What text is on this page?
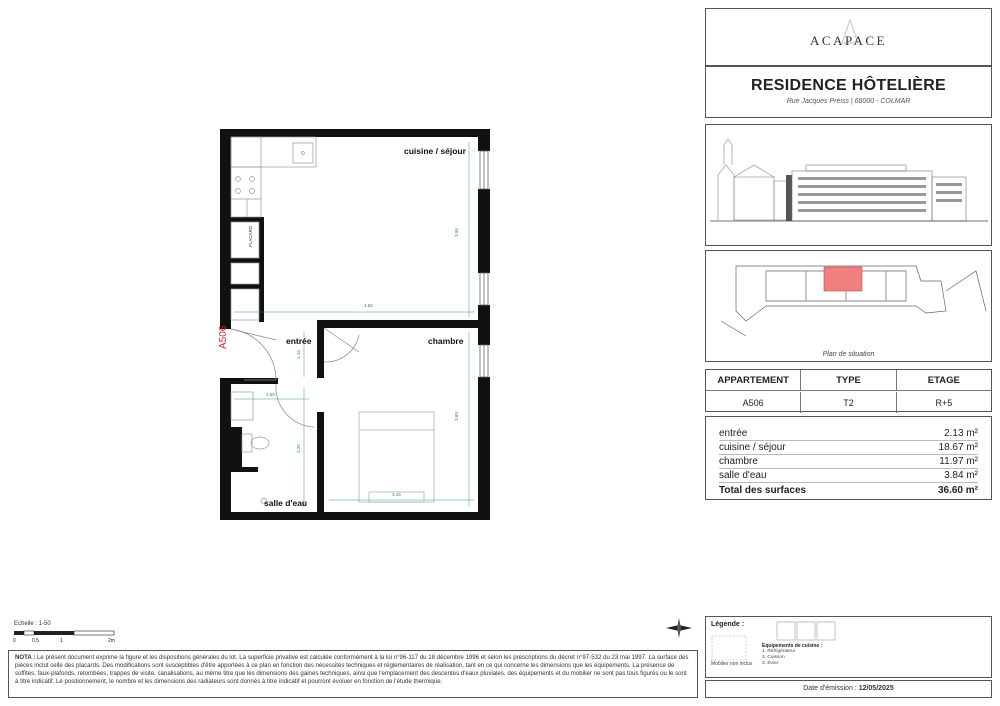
4.55
3.95
3.80
3.15
1.15
1.55
2.35
cuisine / séjour
entrée	chambre
salle d'eau
PLACARD
A506
Echelle : 1-50
0	0.5	1	2m
ACAPACE
RESIDENCE HÔTELIÈRE
Rue Jacques Preiss | 68000 - COLMAR
Plan de situation
APPARTEMENT	TYPE	ETAGE
A506	T2	R+5
entrée	2.13 m²
cuisine / séjour	18.67 m²
chambre	11.97 m²
salle d'eau	3.84 m²
Total des surfaces	36.60 m²
Légende :
Mobilier non inclus
Equipements de cuisine :
1. Réfrigérateur
2. Cuisson
3. Evier
Date d'émission : 12/05/2025
NOTA : Le présent document exprime la figure et les dispositions générales du lot. La superficie privative est calculée conformément à la loi n°96-117 du 18 décembre 1996 et selon les prescriptions du décret n°97-532 du 23 mai 1997. La surface des pièces inclut celle des placards. Des modifications sont susceptibles d'être apportées à ce plan en fonction des nécessités techniques et réglementaires de réalisation, tant en ce qui concerne les dimensions que les équipements. La présence de soffites, faux-plafonds, retombées, trappes de visite, canalisations, au même titre que les dimensions des gaines techniques, ainsi que l'emplacement des descentes d'eaux pluviales, des équipements et du mobilier ne sont pas tous figurés ou le sont à titre indicatif. Le positionnement, le nombre et les dimensions des radiateurs sont donnés à titre indicatif et pourront évoluer en fonction de l'étude thermique.
